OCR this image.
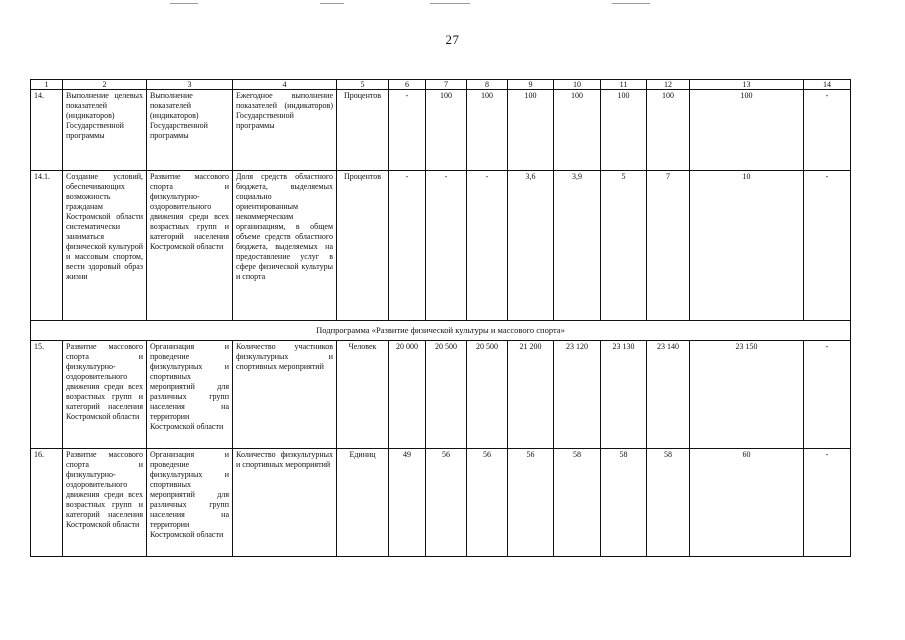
27
1	2	3	4	5	6	7	8	9	10	11	12	13	14
14.	Выполнение целевых показателей (индикаторов) Государственной программы	Выполнение показателей (индикаторов) Государственной программы	Ежегодное выполнение показателей (индикаторов) Государственной программы	Процентов	-	100	100	100	100	100	100	100	-
14.1.	Создание условий, обеспечивающих возможность гражданам Костромской области систематически заниматься физической культурой и массовым спортом, вести здоровый образ жизни	Развитие массового спорта и физкультурно-оздоровительного движения среди всех возрастных групп и категорий населения Костромской области	Доля средств областного бюджета, выделяемых социально ориентированным некоммерческим организациям, в общем объеме средств областного бюджета, выделяемых на предоставление услуг в сфере физической культуры и спорта	Процентов	-	-	-	3,6	3,9	5	7	10	-
Подпрограмма «Развитие физической культуры и массового спорта»													
15.	Развитие массового спорта и физкультурно-оздоровительного движения среди всех возрастных групп и категорий населения Костромской области	Организация и проведение физкультурных и спортивных мероприятий для различных групп населения на территории Костромской области	Количество участников физкультурных и спортивных мероприятий	Человек	20 000	20 500	20 500	21 200	23 120	23 130	23 140	23 150	-
16.	Развитие массового спорта и физкультурно-оздоровительного движения среди всех возрастных групп и категорий населения Костромской области	Организация и проведение физкультурных и спортивных мероприятий для различных групп населения на территории Костромской области	Количество физкультурных и спортивных мероприятий	Единиц	49	56	56	56	58	58	58	60	-
